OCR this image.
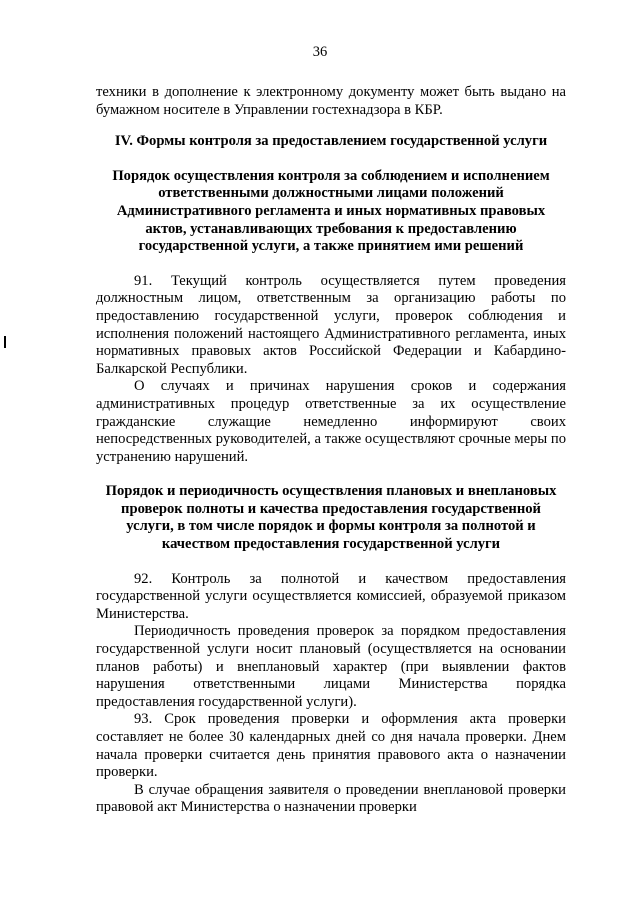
36

техники в дополнение к электронному документу может быть выдано на бумажном носителе в Управлении гостехнадзора в КБР.

IV. Формы контроля за предоставлением государственной услуги

Порядок осуществления контроля за соблюдением и исполнением ответственными должностными лицами положений Административного регламента и иных нормативных правовых актов, устанавливающих требования к предоставлению государственной услуги, а также принятием ими решений

91. Текущий контроль осуществляется путем проведения должностным лицом, ответственным за организацию работы по предоставлению государственной услуги, проверок соблюдения и исполнения положений настоящего Административного регламента, иных нормативных правовых актов Российской Федерации и Кабардино-Балкарской Республики.

О случаях и причинах нарушения сроков и содержания административных процедур ответственные за их осуществление гражданские служащие немедленно информируют своих непосредственных руководителей, а также осуществляют срочные меры по устранению нарушений.

Порядок и периодичность осуществления плановых и внеплановых проверок полноты и качества предоставления государственной услуги, в том числе порядок и формы контроля за полнотой и качеством предоставления государственной услуги

92. Контроль за полнотой и качеством предоставления государственной услуги осуществляется комиссией, образуемой приказом Министерства.

Периодичность проведения проверок за порядком предоставления государственной услуги носит плановый (осуществляется на основании планов работы) и внеплановый характер (при выявлении фактов нарушения ответственными лицами Министерства порядка предоставления государственной услуги).

93. Срок проведения проверки и оформления акта проверки составляет не более 30 календарных дней со дня начала проверки. Днем начала проверки считается день принятия правового акта о назначении проверки.

В случае обращения заявителя о проведении внеплановой проверки правовой акт Министерства о назначении проверки
